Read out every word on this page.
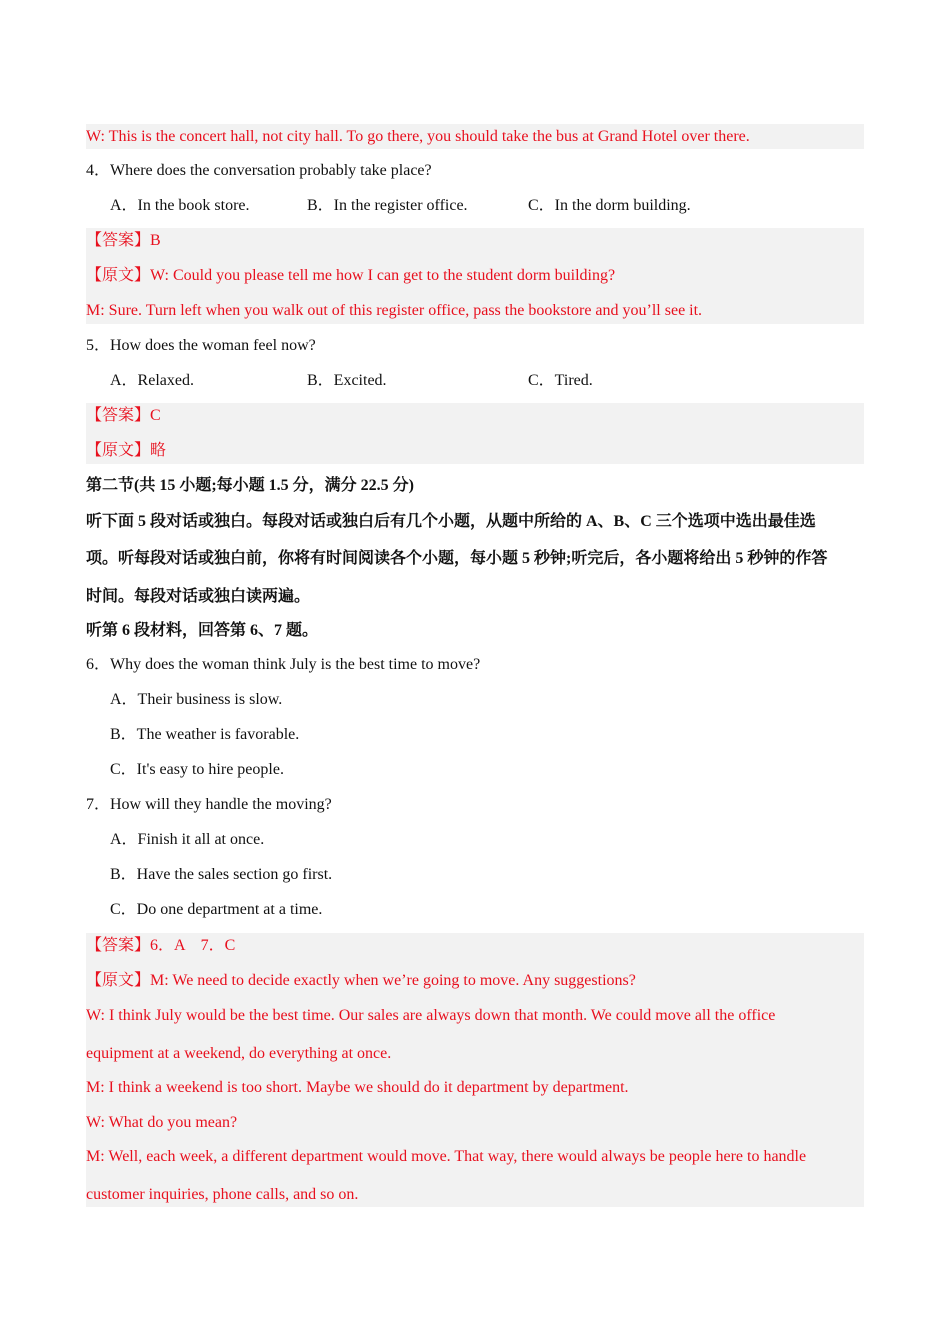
W: This is the concert hall, not city hall. To go there, you should take the bus at Grand Hotel over there.
4．Where does the conversation probably take place?
A．In the book store.	B．In the register office.	C．In the dorm building.
【答案】B
【原文】W: Could you please tell me how I can get to the student dorm building?
M: Sure. Turn left when you walk out of this register office, pass the bookstore and you’ll see it.
5．How does the woman feel now?
A．Relaxed.	B．Excited.	C．Tired.
【答案】C
【原文】略
第二节(共 15 小题;每小题 1.5 分，满分 22.5 分)
听下面 5 段对话或独白。每段对话或独白后有几个小题，从题中所给的 A、B、C 三个选项中选出最佳选
项。听每段对话或独白前，你将有时间阅读各个小题，每小题 5 秒钟;听完后，各小题将给出 5 秒钟的作答
时间。每段对话或独白读两遍。
听第 6 段材料，回答第 6、7 题。
6．Why does the woman think July is the best time to move?
A．Their business is slow.
B．The weather is favorable.
C．It's easy to hire people.
7．How will they handle the moving?
A．Finish it all at once.
B．Have the sales section go first.
C．Do one department at a time.
【答案】6．A　7．C
【原文】M: We need to decide exactly when we’re going to move. Any suggestions?
W: I think July would be the best time. Our sales are always down that month. We could move all the office
equipment at a weekend, do everything at once.
M: I think a weekend is too short. Maybe we should do it department by department.
W: What do you mean?
M: Well, each week, a different department would move. That way, there would always be people here to handle
customer inquiries, phone calls, and so on.
